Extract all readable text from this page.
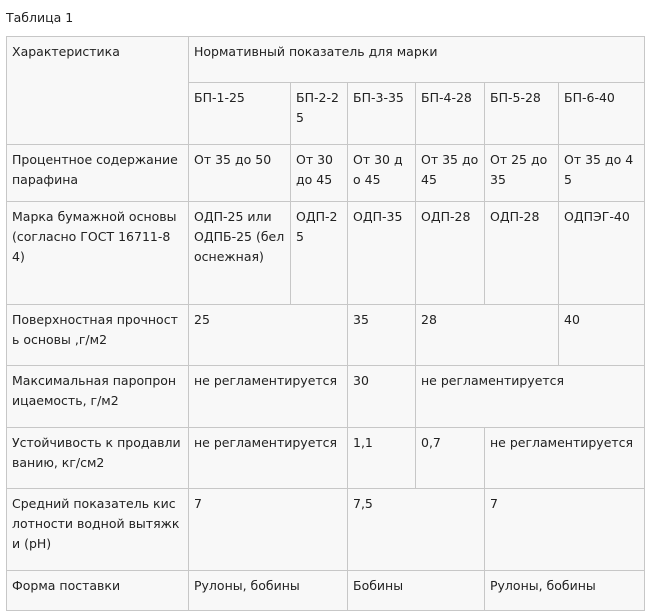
Таблица 1
Характеристика	Нормативный показатель для марки					
	БП-1-25	БП-2-25	БП-3-35	БП-4-28	БП-5-28	БП-6-40
Процентное содержание парафина	От 35 до 50	От 30 до 45	От 30 до 45	От 35 до 45	От 25 до 35	От 35 до 45
Марка бумажной основы (согласно ГОСТ 16711-84)	ОДП-25 или ОДПБ-25 (белоснежная)	ОДП-25	ОДП-35	ОДП-28	ОДП-28	ОДПЭГ-40
Поверхностная прочность основы ,г/м2	25		35	28		40
Максимальная паропроницаемость, г/м2	не регламентируется		30	не регламентируется		
Устойчивость к продавливанию, кг/см2	не регламентируется		1,1	0,7	не регламентируется	
Средний показатель кислотности водной вытяжки (pH)	7		7,5		7	
Форма поставки	Рулоны, бобины		Бобины		Рулоны, бобины	
